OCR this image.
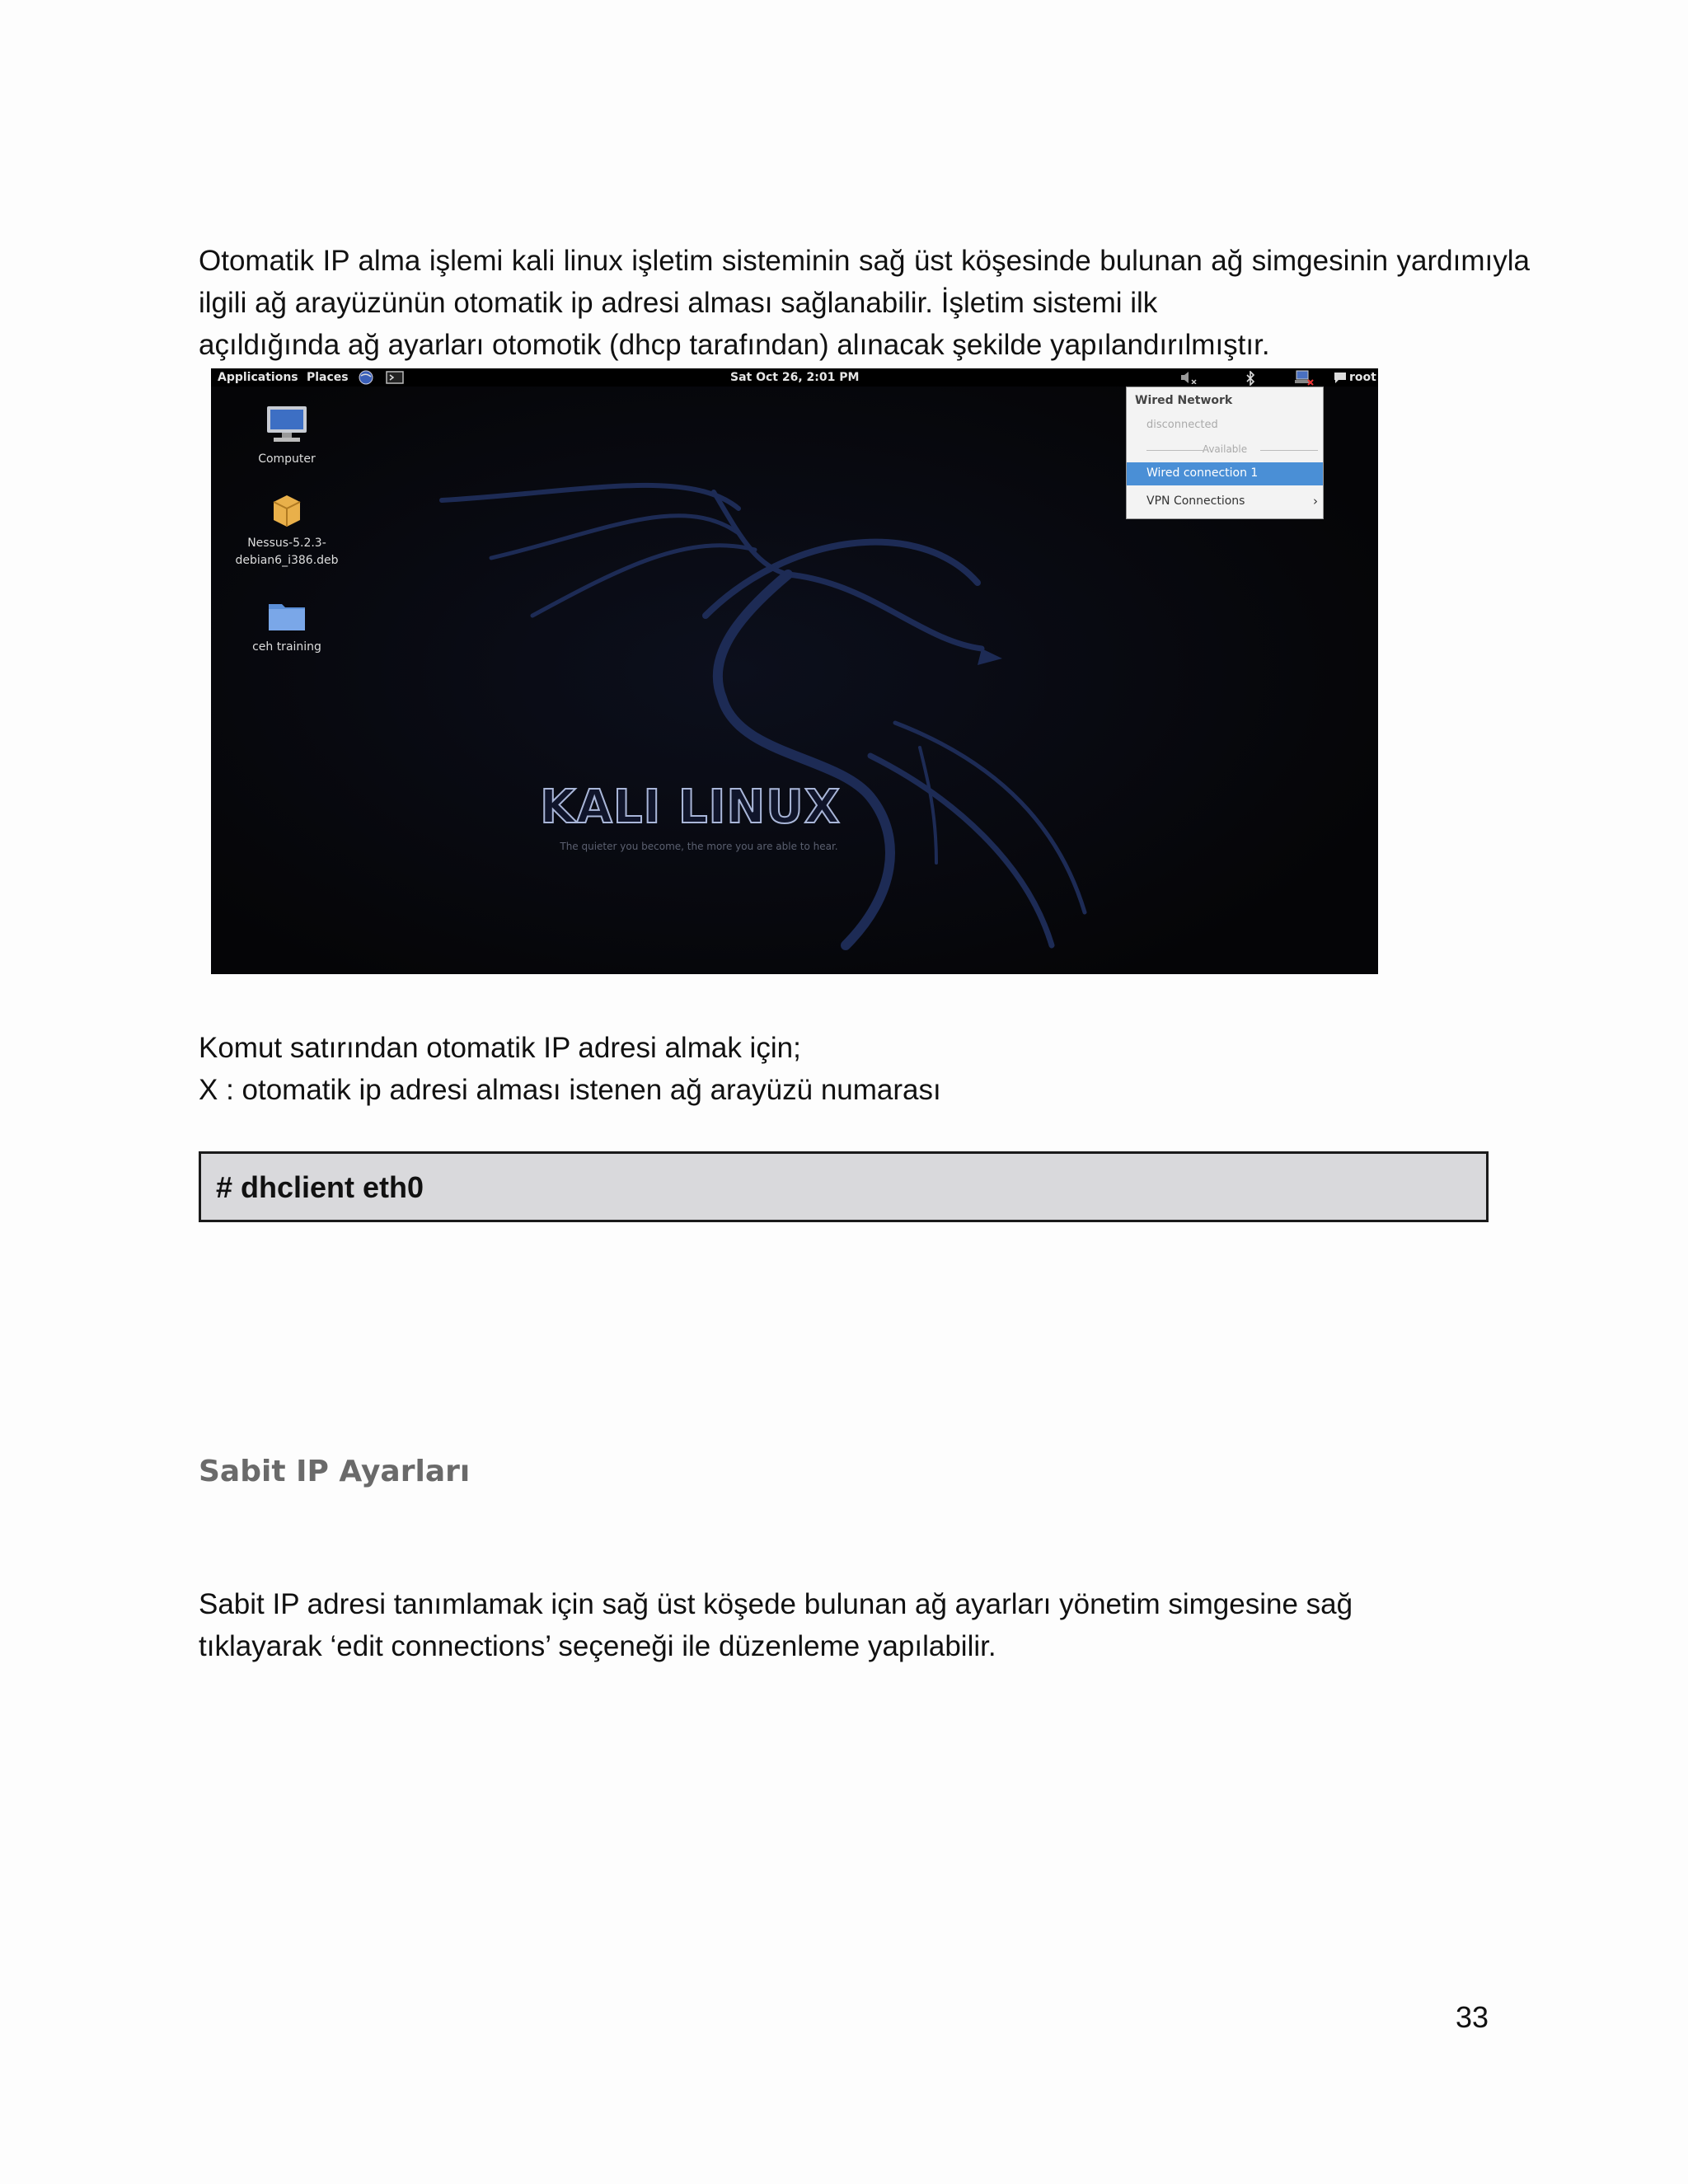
Otomatik IP alma işlemi kali linux işletim sisteminin sağ üst köşesinde bulunan ağ simgesinin yardımıyla ilgili ağ arayüzünün otomatik ip adresi alması sağlanabilir. İşletim sistemi ilk
açıldığında ağ ayarları otomotik (dhcp tarafından) alınacak şekilde yapılandırılmıştır.

Applications Places	Sat Oct 26, 2:01 PM	root
Computer
Nessus-5.2.3-
debian6_i386.deb
ceh training
KALI LINUX
The quieter you become, the more you are able to hear.
Wired Network
disconnected
Available
Wired connection 1
VPN Connections	›

Komut satırından otomatik IP adresi almak için;
X : otomatik ip adresi alması istenen ağ arayüzü numarası

# dhclient eth0
Sabit IP Ayarları

Sabit IP adresi tanımlamak için sağ üst köşede bulunan ağ ayarları yönetim simgesine sağ
tıklayarak ‘edit connections’ seçeneği ile düzenleme yapılabilir.

33
